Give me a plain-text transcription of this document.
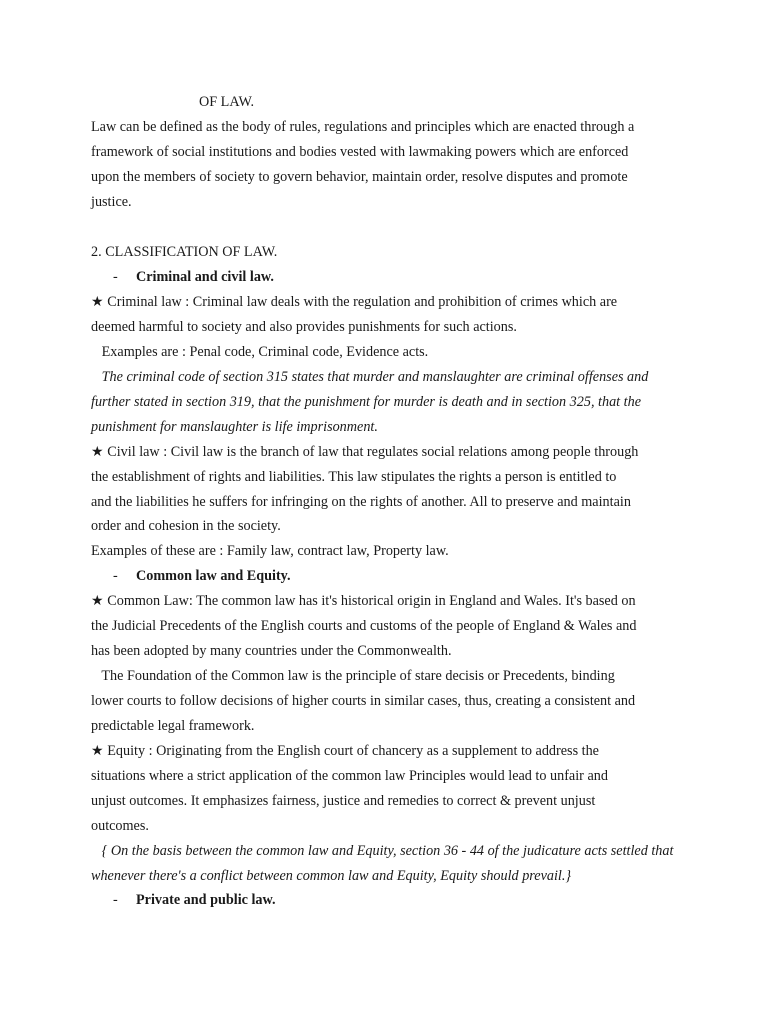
OF LAW.
Law can be defined as the body of rules, regulations and principles which are enacted through a
framework of social institutions and bodies vested with lawmaking powers which are enforced
upon the members of society to govern behavior, maintain order, resolve disputes and promote
justice.
2. CLASSIFICATION OF LAW.
- Criminal and civil law.
★ Criminal law : Criminal law deals with the regulation and prohibition of crimes which are
deemed harmful to society and also provides punishments for such actions.
Examples are : Penal code, Criminal code, Evidence acts.
The criminal code of section 315 states that murder and manslaughter are criminal offenses and
further stated in section 319, that the punishment for murder is death and in section 325, that the
punishment for manslaughter is life imprisonment.
★ Civil law : Civil law is the branch of law that regulates social relations among people through
the establishment of rights and liabilities. This law stipulates the rights a person is entitled to
and the liabilities he suffers for infringing on the rights of another. All to preserve and maintain
order and cohesion in the society.
Examples of these are : Family law, contract law, Property law.
- Common law and Equity.
★ Common Law: The common law has it's historical origin in England and Wales. It's based on
the Judicial Precedents of the English courts and customs of the people of England & Wales and
has been adopted by many countries under the Commonwealth.
The Foundation of the Common law is the principle of stare decisis or Precedents, binding
lower courts to follow decisions of higher courts in similar cases, thus, creating a consistent and
predictable legal framework.
★ Equity : Originating from the English court of chancery as a supplement to address the
situations where a strict application of the common law Principles would lead to unfair and
unjust outcomes. It emphasizes fairness, justice and remedies to correct & prevent unjust
outcomes.
{ On the basis between the common law and Equity, section 36 - 44 of the judicature acts settled that
whenever there's a conflict between common law and Equity, Equity should prevail.}
- Private and public law.
